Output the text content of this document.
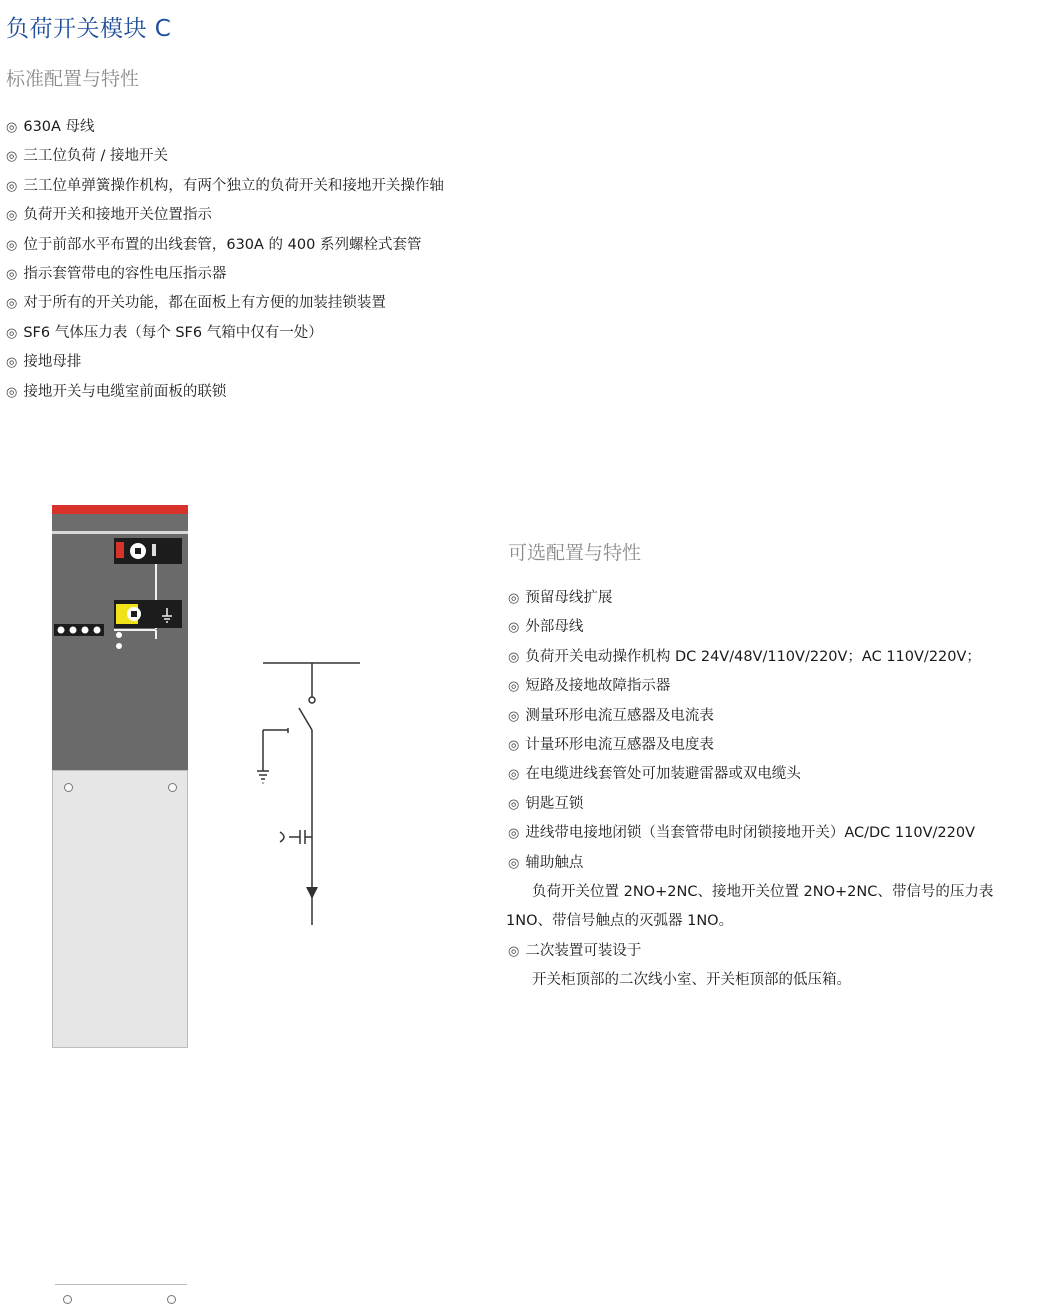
负荷开关模块 C
标准配置与特性
◎ 630A 母线
◎ 三工位负荷 / 接地开关
◎ 三工位单弹簧操作机构，有两个独立的负荷开关和接地开关操作轴
◎ 负荷开关和接地开关位置指示
◎ 位于前部水平布置的出线套管，630A 的 400 系列螺栓式套管
◎ 指示套管带电的容性电压指示器
◎ 对于所有的开关功能，都在面板上有方便的加装挂锁装置
◎ SF6 气体压力表（每个 SF6 气箱中仅有一处）
◎ 接地母排
◎ 接地开关与电缆室前面板的联锁
可选配置与特性
◎ 预留母线扩展
◎ 外部母线
◎ 负荷开关电动操作机构 DC 24V/48V/110V/220V；AC 110V/220V；
◎ 短路及接地故障指示器
◎ 测量环形电流互感器及电流表
◎ 计量环形电流互感器及电度表
◎ 在电缆进线套管处可加装避雷器或双电缆头
◎ 钥匙互锁
◎ 进线带电接地闭锁（当套管带电时闭锁接地开关）AC/DC 110V/220V
◎ 辅助触点
负荷开关位置 2NO+2NC、接地开关位置 2NO+2NC、带信号的压力表 1NO、带信号触点的灭弧器 1NO。
◎ 二次装置可装设于
开关柜顶部的二次线小室、开关柜顶部的低压箱。
